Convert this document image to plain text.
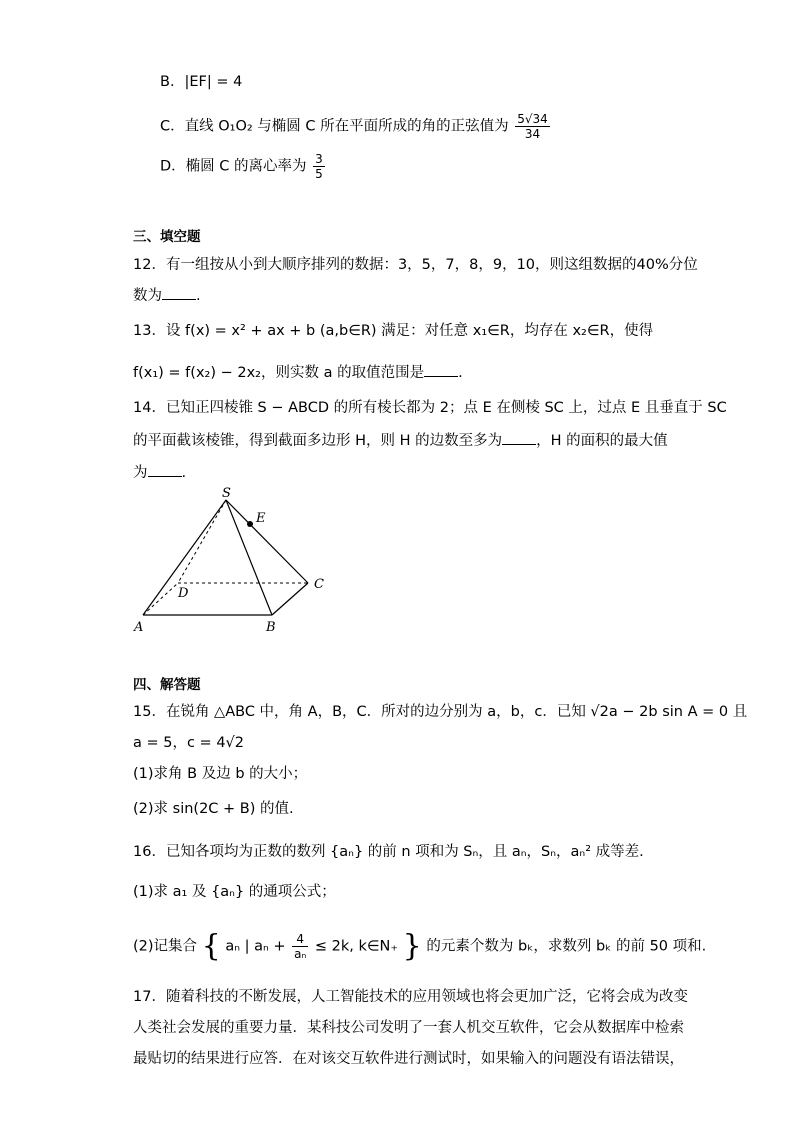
B．|EF| = 4
C．直线 O₁O₂ 与椭圆 C 所在平面所成的角的正弦值为 $\frac{5√34}{34}$
D．椭圆 C 的离心率为 $\frac{3}{5}$
三、填空题
12．有一组按从小到大顺序排列的数据：3，5，7，8，9，10，则这组数据的40%分位
数为 .
13．设 f(x) = x² + ax + b (a,b∈R) 满足：对任意 x₁∈R，均存在 x₂∈R，使得
f(x₁) = f(x₂) − 2x₂，则实数 a 的取值范围是 .
14．已知正四棱锥 S − ABCD 的所有棱长都为 2；点 E 在侧棱 SC 上，过点 E 且垂直于 SC
的平面截该棱锥，得到截面多边形 H，则 H 的边数至多为 ，H 的面积的最大值
为 .
S
E
C
D
A	B
四、解答题
15．在锐角 △ABC 中，角 A，B，C．所对的边分别为 a，b，c．已知 √2a − 2b sin A = 0 且
a = 5，c = 4√2
(1)求角 B 及边 b 的大小；
(2)求 sin(2C + B) 的值.
16．已知各项均为正数的数列 {aₙ} 的前 n 项和为 Sₙ，且 aₙ，Sₙ，aₙ² 成等差.
(1)求 a₁ 及 {aₙ} 的通项公式；
(2)记集合 { aₙ | $a_n + \frac{4}{\text{aₙ}} \le 2k$, k∈N₊ } 的元素个数为 bₖ，求数列 bₖ 的前 50 项和.
17．随着科技的不断发展，人工智能技术的应用领域也将会更加广泛，它将会成为改变
人类社会发展的重要力量．某科技公司发明了一套人机交互软件，它会从数据库中检索
最贴切的结果进行应答．在对该交互软件进行测试时，如果输入的问题没有语法错误，
